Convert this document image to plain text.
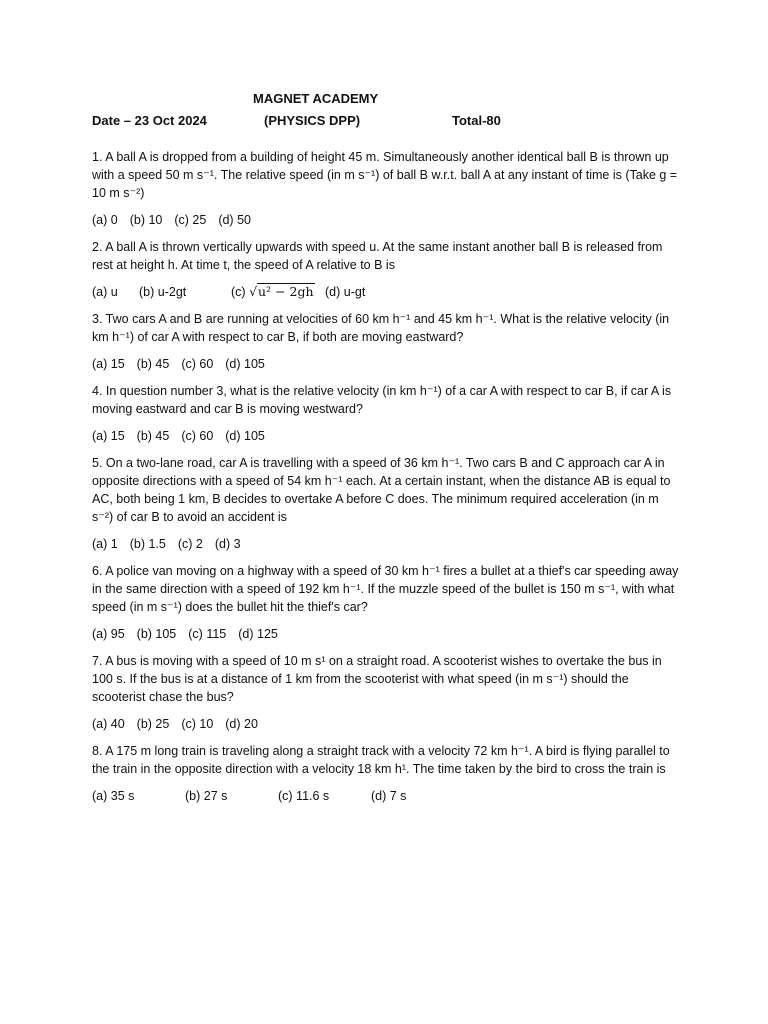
MAGNET ACADEMY
Date – 23 Oct 2024	(PHYSICS DPP)	Total-80

1. A ball A is dropped from a building of height 45 m. Simultaneously another identical ball B is thrown up with a speed 50 m s⁻¹. The relative speed (in m s⁻¹) of ball B w.r.t. ball A at any instant of time is (Take g = 10 m s⁻²)

(a) 0 (b) 10 (c) 25 (d) 50

2. A ball A is thrown vertically upwards with speed u. At the same instant another ball B is released from rest at height h. At time t, the speed of A relative to B is

(a) u	(b) u-2gt	(c) √u² − 2gh (d) u-gt

3. Two cars A and B are running at velocities of 60 km h⁻¹ and 45 km h⁻¹. What is the relative velocity (in km h⁻¹) of car A with respect to car B, if both are moving eastward?

(a) 15 (b) 45 (c) 60 (d) 105

4. In question number 3, what is the relative velocity (in km h⁻¹) of a car A with respect to car B, if car A is moving eastward and car B is moving westward?

(a) 15 (b) 45 (c) 60 (d) 105

5. On a two-lane road, car A is travelling with a speed of 36 km h⁻¹. Two cars B and C approach car A in opposite directions with a speed of 54 km h⁻¹ each. At a certain instant, when the distance AB is equal to AC, both being 1 km, B decides to overtake A before C does. The minimum required acceleration (in m s⁻²) of car B to avoid an accident is

(a) 1 (b) 1.5 (c) 2 (d) 3

6. A police van moving on a highway with a speed of 30 km h⁻¹ fires a bullet at a thief's car speeding away in the same direction with a speed of 192 km h⁻¹. If the muzzle speed of the bullet is 150 m s⁻¹, with what speed (in m s⁻¹) does the bullet hit the thief's car?

(a) 95 (b) 105 (c) 115 (d) 125

7. A bus is moving with a speed of 10 m s¹ on a straight road. A scooterist wishes to overtake the bus in 100 s. If the bus is at a distance of 1 km from the scooterist with what speed (in m s⁻¹) should the scooterist chase the bus?

(a) 40 (b) 25 (c) 10 (d) 20

8. A 175 m long train is traveling along a straight track with a velocity 72 km h⁻¹. A bird is flying parallel to the train in the opposite direction with a velocity 18 km h¹. The time taken by the bird to cross the train is

(a) 35 s	(b) 27 s	(c) 11.6 s	(d) 7 s
